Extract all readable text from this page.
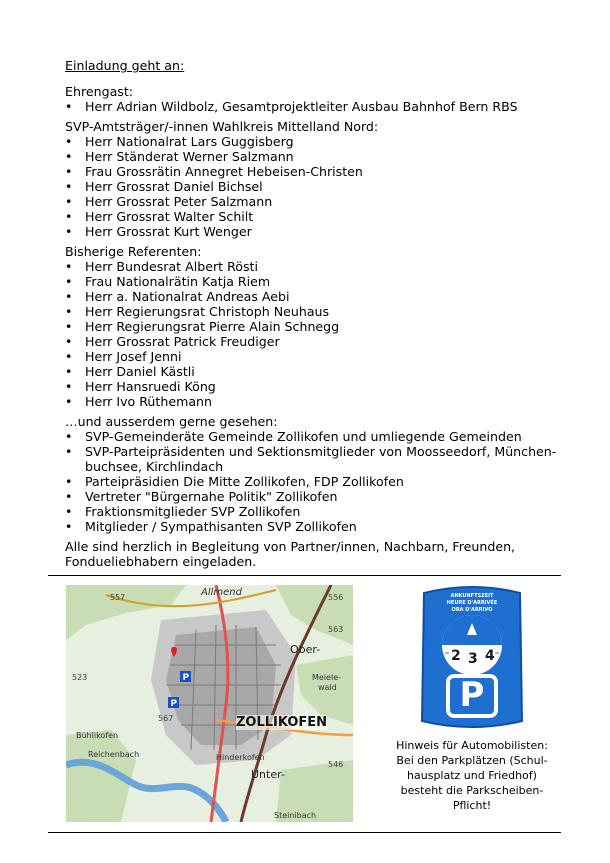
Einladung geht an:

Ehrengast:

• Herr Adrian Wildbolz, Gesamtprojektleiter Ausbau Bahnhof Bern RBS

SVP-Amtsträger/-innen Wahlkreis Mittelland Nord:

• Herr Nationalrat Lars Guggisberg
• Herr Ständerat Werner Salzmann
• Frau Grossrätin Annegret Hebeisen-Christen
• Herr Grossrat Daniel Bichsel
• Herr Grossrat Peter Salzmann
• Herr Grossrat Walter Schilt
• Herr Grossrat Kurt Wenger

Bisherige Referenten:

• Herr Bundesrat Albert Rösti
• Frau Nationalrätin Katja Riem
• Herr a. Nationalrat Andreas Aebi
• Herr Regierungsrat Christoph Neuhaus
• Herr Regierungsrat Pierre Alain Schnegg
• Herr Grossrat Patrick Freudiger
• Herr Josef Jenni
• Herr Daniel Kästli
• Herr Hansruedi Köng
• Herr Ivo Rüthemann

…und ausserdem gerne gesehen:

• SVP-Gemeinderäte Gemeinde Zollikofen und umliegende Gemeinden
• SVP-Parteipräsidenten und Sektionsmitglieder von Moosseedorf, München-buchsee, Kirchlindach
• Parteipräsidien Die Mitte Zollikofen, FDP Zollikofen
• Vertreter "Bürgernahe Politik" Zollikofen
• Fraktionsmitglieder SVP Zollikofen
• Mitglieder / Sympathisanten SVP Zollikofen

Alle sind herzlich in Begleitung von Partner/innen, Nachbarn, Freunden, Fondueliebhabern eingeladen.

P
P
ZOLLIKOFEN
Allmend
Ober-
Meiele-
wald
Unter-
Bühlikofen
Reichenbach
Steinibach
Hinderkofen
523
556
563
567
557
546
ANKUNFTSZEIT
HEURE D'ARRIVÉE
ORA D'ARRIVO
2 3 4
P
Hinweis für Automobilisten:
Bei den Parkplätzen (Schul-
hausplatz und Friedhof)
besteht die Parkscheiben-
Pflicht!
